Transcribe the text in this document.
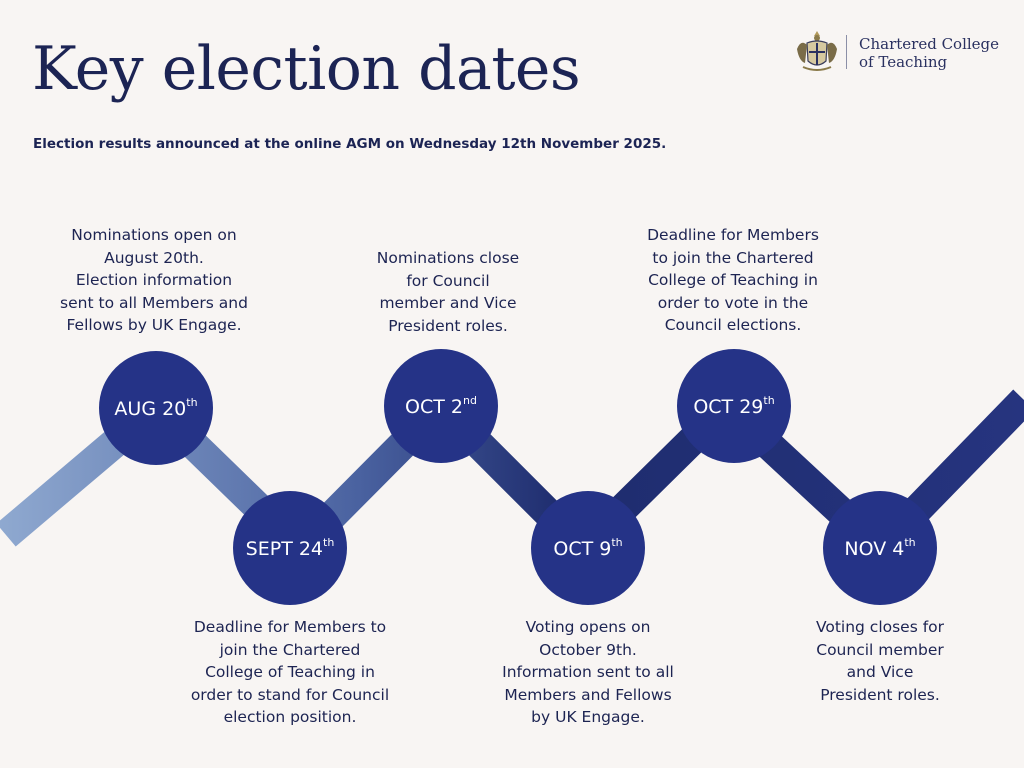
Key election dates
Election results announced at the online AGM on Wednesday 12th November 2025.
Chartered College
of Teaching
AUG 20th
SEPT 24th
OCT 2nd
OCT 9th
OCT 29th
NOV 4th
Nominations open on
August 20th.
Election information
sent to all Members and
Fellows by UK Engage.
Nominations close
for Council
member and Vice
President roles.
Deadline for Members
to join the Chartered
College of Teaching in
order to vote in the
Council elections.
Deadline for Members to
join the Chartered
College of Teaching in
order to stand for Council
election position.
Voting opens on
October 9th.
Information sent to all
Members and Fellows
by UK Engage.
Voting closes for
Council member
and Vice
President roles.
